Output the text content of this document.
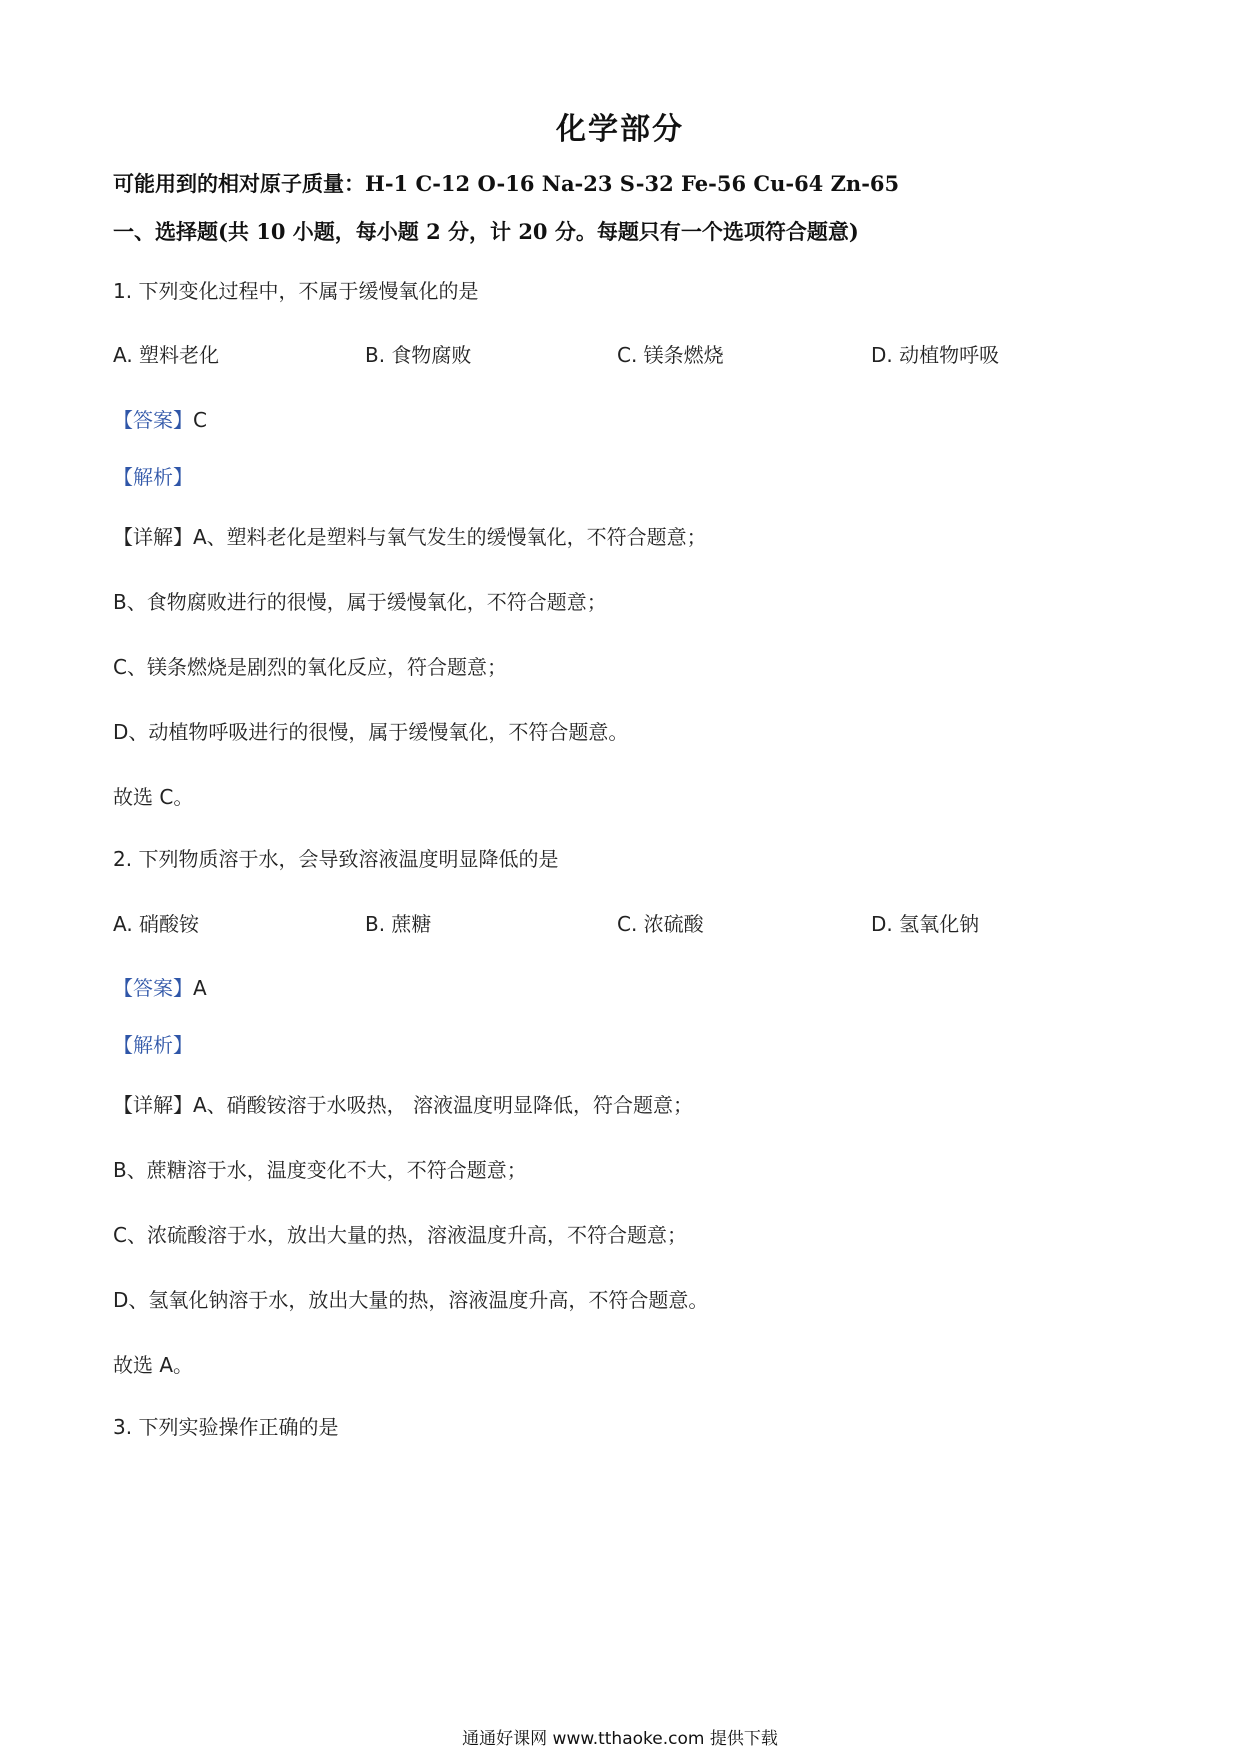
化学部分
可能用到的相对原子质量：H-1 C-12 O-16 Na-23 S-32 Fe-56 Cu-64 Zn-65
一、选择题(共 10 小题，每小题 2 分，计 20 分。每题只有一个选项符合题意)
1. 下列变化过程中，不属于缓慢氧化的是
A. 塑料老化	B. 食物腐败	C. 镁条燃烧	D. 动植物呼吸
【答案】C
【解析】
【详解】A、塑料老化是塑料与氧气发生的缓慢氧化，不符合题意；
B、食物腐败进行的很慢，属于缓慢氧化，不符合题意；
C、镁条燃烧是剧烈的氧化反应，符合题意；
D、动植物呼吸进行的很慢，属于缓慢氧化，不符合题意。
故选 C。
2. 下列物质溶于水，会导致溶液温度明显降低的是
A. 硝酸铵	B. 蔗糖	C. 浓硫酸	D. 氢氧化钠
【答案】A
【解析】
【详解】A、硝酸铵溶于水吸热， 溶液温度明显降低，符合题意；
B、蔗糖溶于水，温度变化不大，不符合题意；
C、浓硫酸溶于水，放出大量的热，溶液温度升高，不符合题意；
D、氢氧化钠溶于水，放出大量的热，溶液温度升高，不符合题意。
故选 A。
3. 下列实验操作正确的是
通通好课网 www.tthaoke.com 提供下载
